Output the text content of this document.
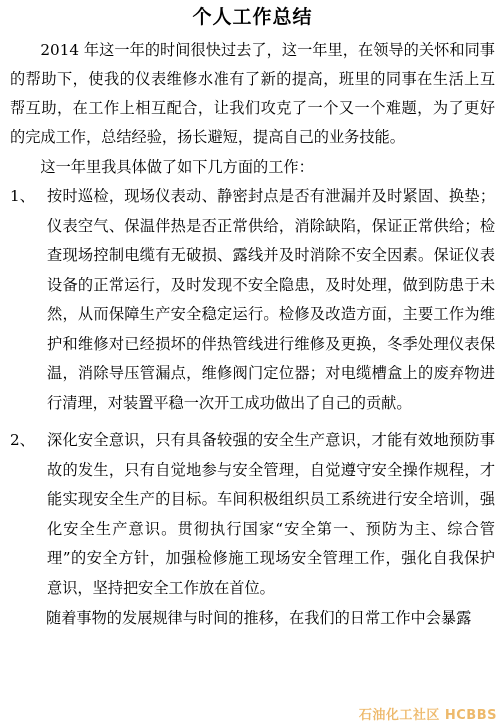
个人工作总结

2014 年这一年的时间很快过去了，这一年里，在领导的关怀和同事的帮助下，使我的仪表维修水准有了新的提高，班里的同事在生活上互帮互助，在工作上相互配合，让我们攻克了一个又一个难题，为了更好的完成工作，总结经验，扬长避短，提高自己的业务技能。

这一年里我具体做了如下几方面的工作：

1、 按时巡检，现场仪表动、静密封点是否有泄漏并及时紧固、换垫；仪表空气、保温伴热是否正常供给，消除缺陷，保证正常供给；检查现场控制电缆有无破损、露线并及时消除不安全因素。保证仪表设备的正常运行，及时发现不安全隐患，及时处理，做到防患于未然，从而保障生产安全稳定运行。检修及改造方面，主要工作为维护和维修对已经损坏的伴热管线进行维修及更换，冬季处理仪表保温，消除导压管漏点，维修阀门定位器；对电缆槽盒上的废弃物进行清理，对装置平稳一次开工成功做出了自己的贡献。
2、 深化安全意识，只有具备较强的安全生产意识，才能有效地预防事故的发生，只有自觉地参与安全管理，自觉遵守安全操作规程，才能实现安全生产的目标。车间积极组织员工系统进行安全培训，强化安全生产意识。贯彻执行国家“安全第一、预防为主、综合管理”的安全方针，加强检修施工现场安全管理工作，强化自我保护意识，坚持把安全工作放在首位。
随着事物的发展规律与时间的推移，在我们的日常工作中会暴露
石油化工社区 HCBBS
